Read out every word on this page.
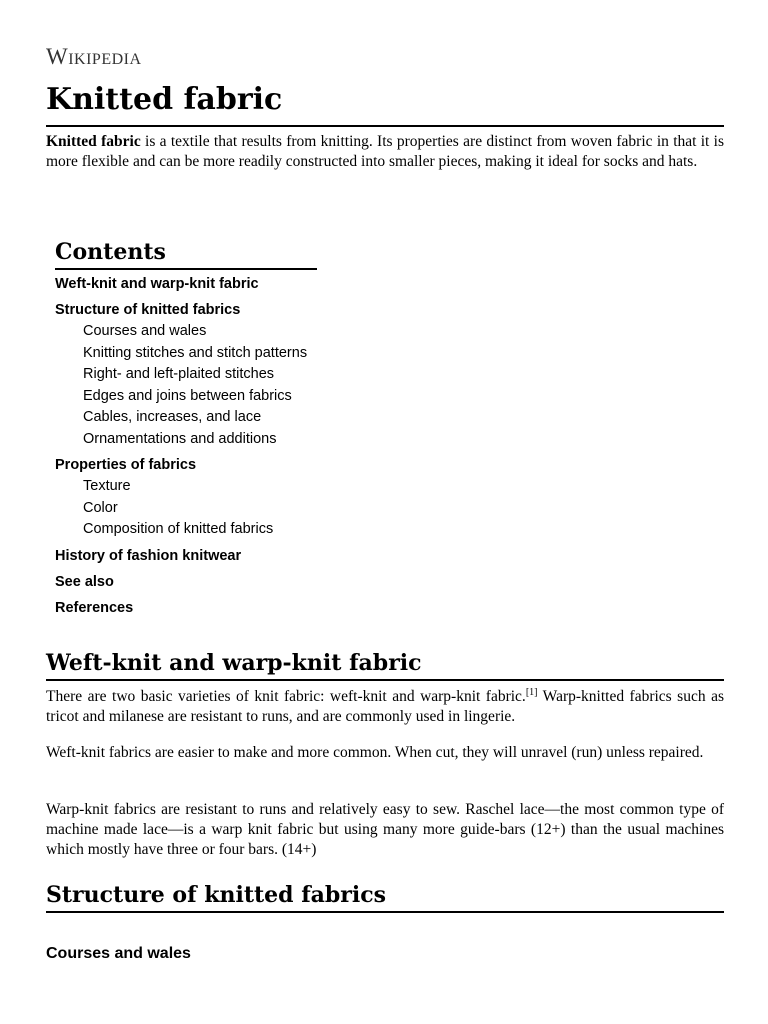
Wikipedia
Knitted fabric

Knitted fabric is a textile that results from knitting. Its properties are distinct from woven fabric in that it is more flexible and can be more readily constructed into smaller pieces, making it ideal for socks and hats.

Contents
Weft-knit and warp-knit fabric
Structure of knitted fabrics
Courses and wales
Knitting stitches and stitch patterns
Right- and left-plaited stitches
Edges and joins between fabrics
Cables, increases, and lace
Ornamentations and additions
Properties of fabrics
Texture
Color
Composition of knitted fabrics
History of fashion knitwear
See also
References
Weft-knit and warp-knit fabric

There are two basic varieties of knit fabric: weft-knit and warp-knit fabric.[1] Warp-knitted fabrics such as tricot and milanese are resistant to runs, and are commonly used in lingerie.

Weft-knit fabrics are easier to make and more common. When cut, they will unravel (run) unless repaired.

Warp-knit fabrics are resistant to runs and relatively easy to sew. Raschel lace—the most common type of machine made lace—is a warp knit fabric but using many more guide-bars (12+) than the usual machines which mostly have three or four bars. (14+)

Structure of knitted fabrics
Courses and wales
